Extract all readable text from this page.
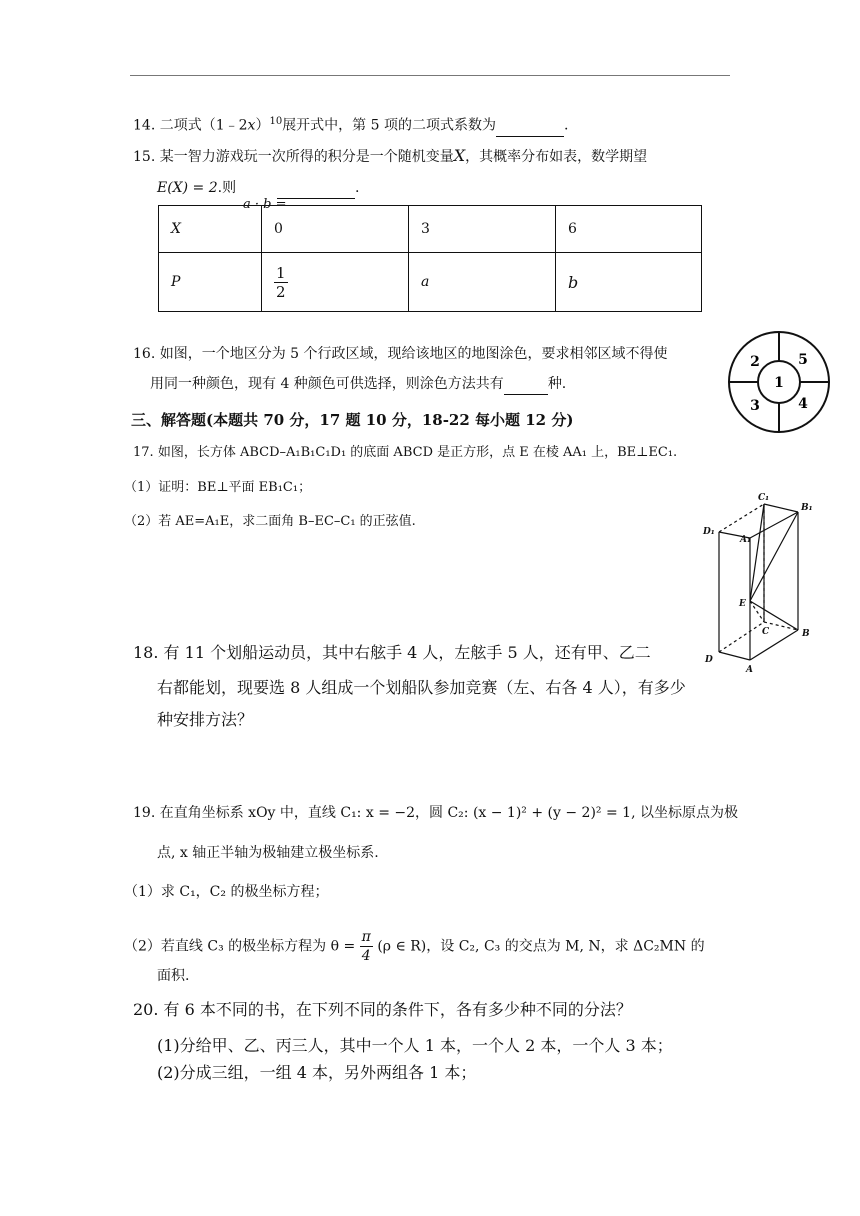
14. 二项式（1﹣2x）$^{10}$展开式中，第 5 项的二项式系数为	.
15. 某一智力游戏玩一次所得的积分是一个随机变量X，其概率分布如表，数学期望
E(X) = 2.则
a · b =
.
X	0	3	6
P	$\frac{1}{2}$	a	b
16. 如图，一个地区分为 5 个行政区域，现给该地区的地图涂色，要求相邻区域不得使
用同一种颜色，现有 4 种颜色可供选择，则涂色方法共有	种.	1
2
3	4
5
三、解答题(本题共 70 分，17 题 10 分，18-22 每小题 12 分)
17. 如图，长方体 ABCD–A₁B₁C₁D₁ 的底面 ABCD 是正方形，点 E 在棱 AA₁ 上，BE⊥EC₁.
（1）证明：BE⊥平面 EB₁C₁；
（2）若 AE=A₁E，求二面角 B–EC–C₁ 的正弦值.
C₁
B₁
D₁
A₁
E
C	B
D
A
18. 有 11 个划船运动员，其中右舷手 4 人，左舷手 5 人，还有甲、乙二
右都能划，现要选 8 人组成一个划船队参加竞赛（左、右各 4 人），有多少
种安排方法？
19. 在直角坐标系 xOy 中，直线 C₁: x = −2，圆 C₂: (x − 1)² + (y − 2)² = 1, 以坐标原点为极
点, x 轴正半轴为极轴建立极坐标系.
（1）求 C₁，C₂ 的极坐标方程；
（2）若直线 C₃ 的极坐标方程为 $\theta = \frac{\pi}{4} (\rho$ ∈ R)，设 C₂, C₃ 的交点为 M, N，求 ΔC₂MN 的
面积.
20. 有 6 本不同的书，在下列不同的条件下，各有多少种不同的分法？
(1)分给甲、乙、丙三人，其中一个人 1 本，一个人 2 本，一个人 3 本；
(2)分成三组，一组 4 本，另外两组各 1 本；
